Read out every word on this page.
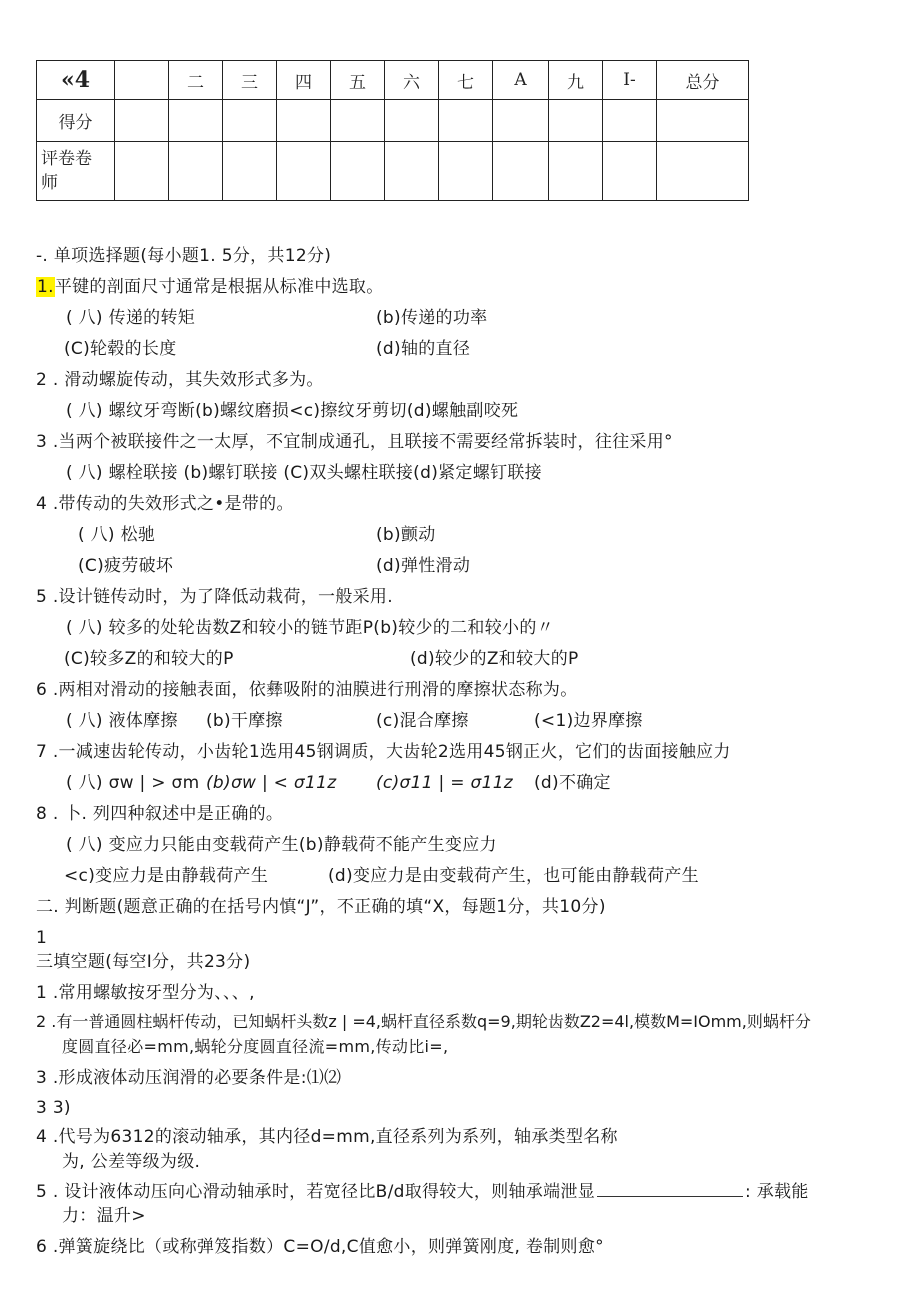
«4		二	三	四	五	六	七	A	九	I-	总分
得分											
评卷卷
师											
-. 单项选择题(每小题1. 5分，共12分)
1.平键的剖面尺寸通常是根据从标准中选取。
( 八) 传递的转矩	(b)传递的功率
(C)轮毂的长度	(d)轴的直径
2 . 滑动螺旋传动，其失效形式多为。
( 八) 螺纹牙弯断(b)螺纹磨损<c)擦纹牙剪切(d)螺触副咬死
3 .当两个被联接件之一太厚，不宜制成通孔，且联接不需要经常拆装时，往往采用°
( 八) 螺栓联接 (b)螺钉联接 (C)双头螺柱联接(d)紧定螺钉联接
4 .带传动的失效形式之•是带的。
( 八) 松驰	(b)颤动
(C)疲劳破坏	(d)弹性滑动
5 .设计链传动时，为了降低动栽荷，一般采用.
( 八) 较多的处轮齿数Z和较小的链节距P(b)较少的二和较小的〃
(C)较多Z的和较大的P	(d)较少的Z和较大的P
6 .两相对滑动的接触表面，依彝吸附的油膜进行刑滑的摩擦状态称为。
( 八) 液体摩擦 (b)干摩擦	(c)混合摩擦	(<1)边界摩擦
7 .一减速齿轮传动，小齿轮1选用45钢调质，大齿轮2选用45钢正火，它们的齿面接触应力
( 八) σw | > σm (b)σw | < σ11z (c)σ11 | = σ11z (d)不确定
8 . 卜. 列四种叙述中是正确的。
( 八) 变应力只能由变载荷产生(b)静载荷不能产生变应力
<c)变应力是由静载荷产生	(d)变应力是由变载荷产生，也可能由静载荷产生
二. 判断题(题意正确的在括号内慎“J”，不正确的填“X，每题1分，共10分)
1
三填空题(每空I分，共23分)
1 .常用螺敏按牙型分为、、、,
2 .有一普通圆柱蜗杆传动，已知蜗杆头数z | =4,蜗杆直径系数q=9,期轮齿数Z2=4l,模数M=IOmm,则蜗杆分
度圆直径必=mm,蜗轮分度圆直径流=mm,传动比i=,
3 .形成液体动压润滑的必要条件是:⑴⑵
3 3)
4 .代号为6312的滚动轴承，其内径d=mm,直径系列为系列，轴承类型名称
为, 公差等级为级.
5 . 设计液体动压向心滑动轴承时，若宽径比B/d取得较大，则轴承端泄显	: 承载能
力：温升>
6 .弹簧旋绕比（或称弹笈指数）C=O/d,C值愈小，则弹簧刚度, 卷制则愈°
